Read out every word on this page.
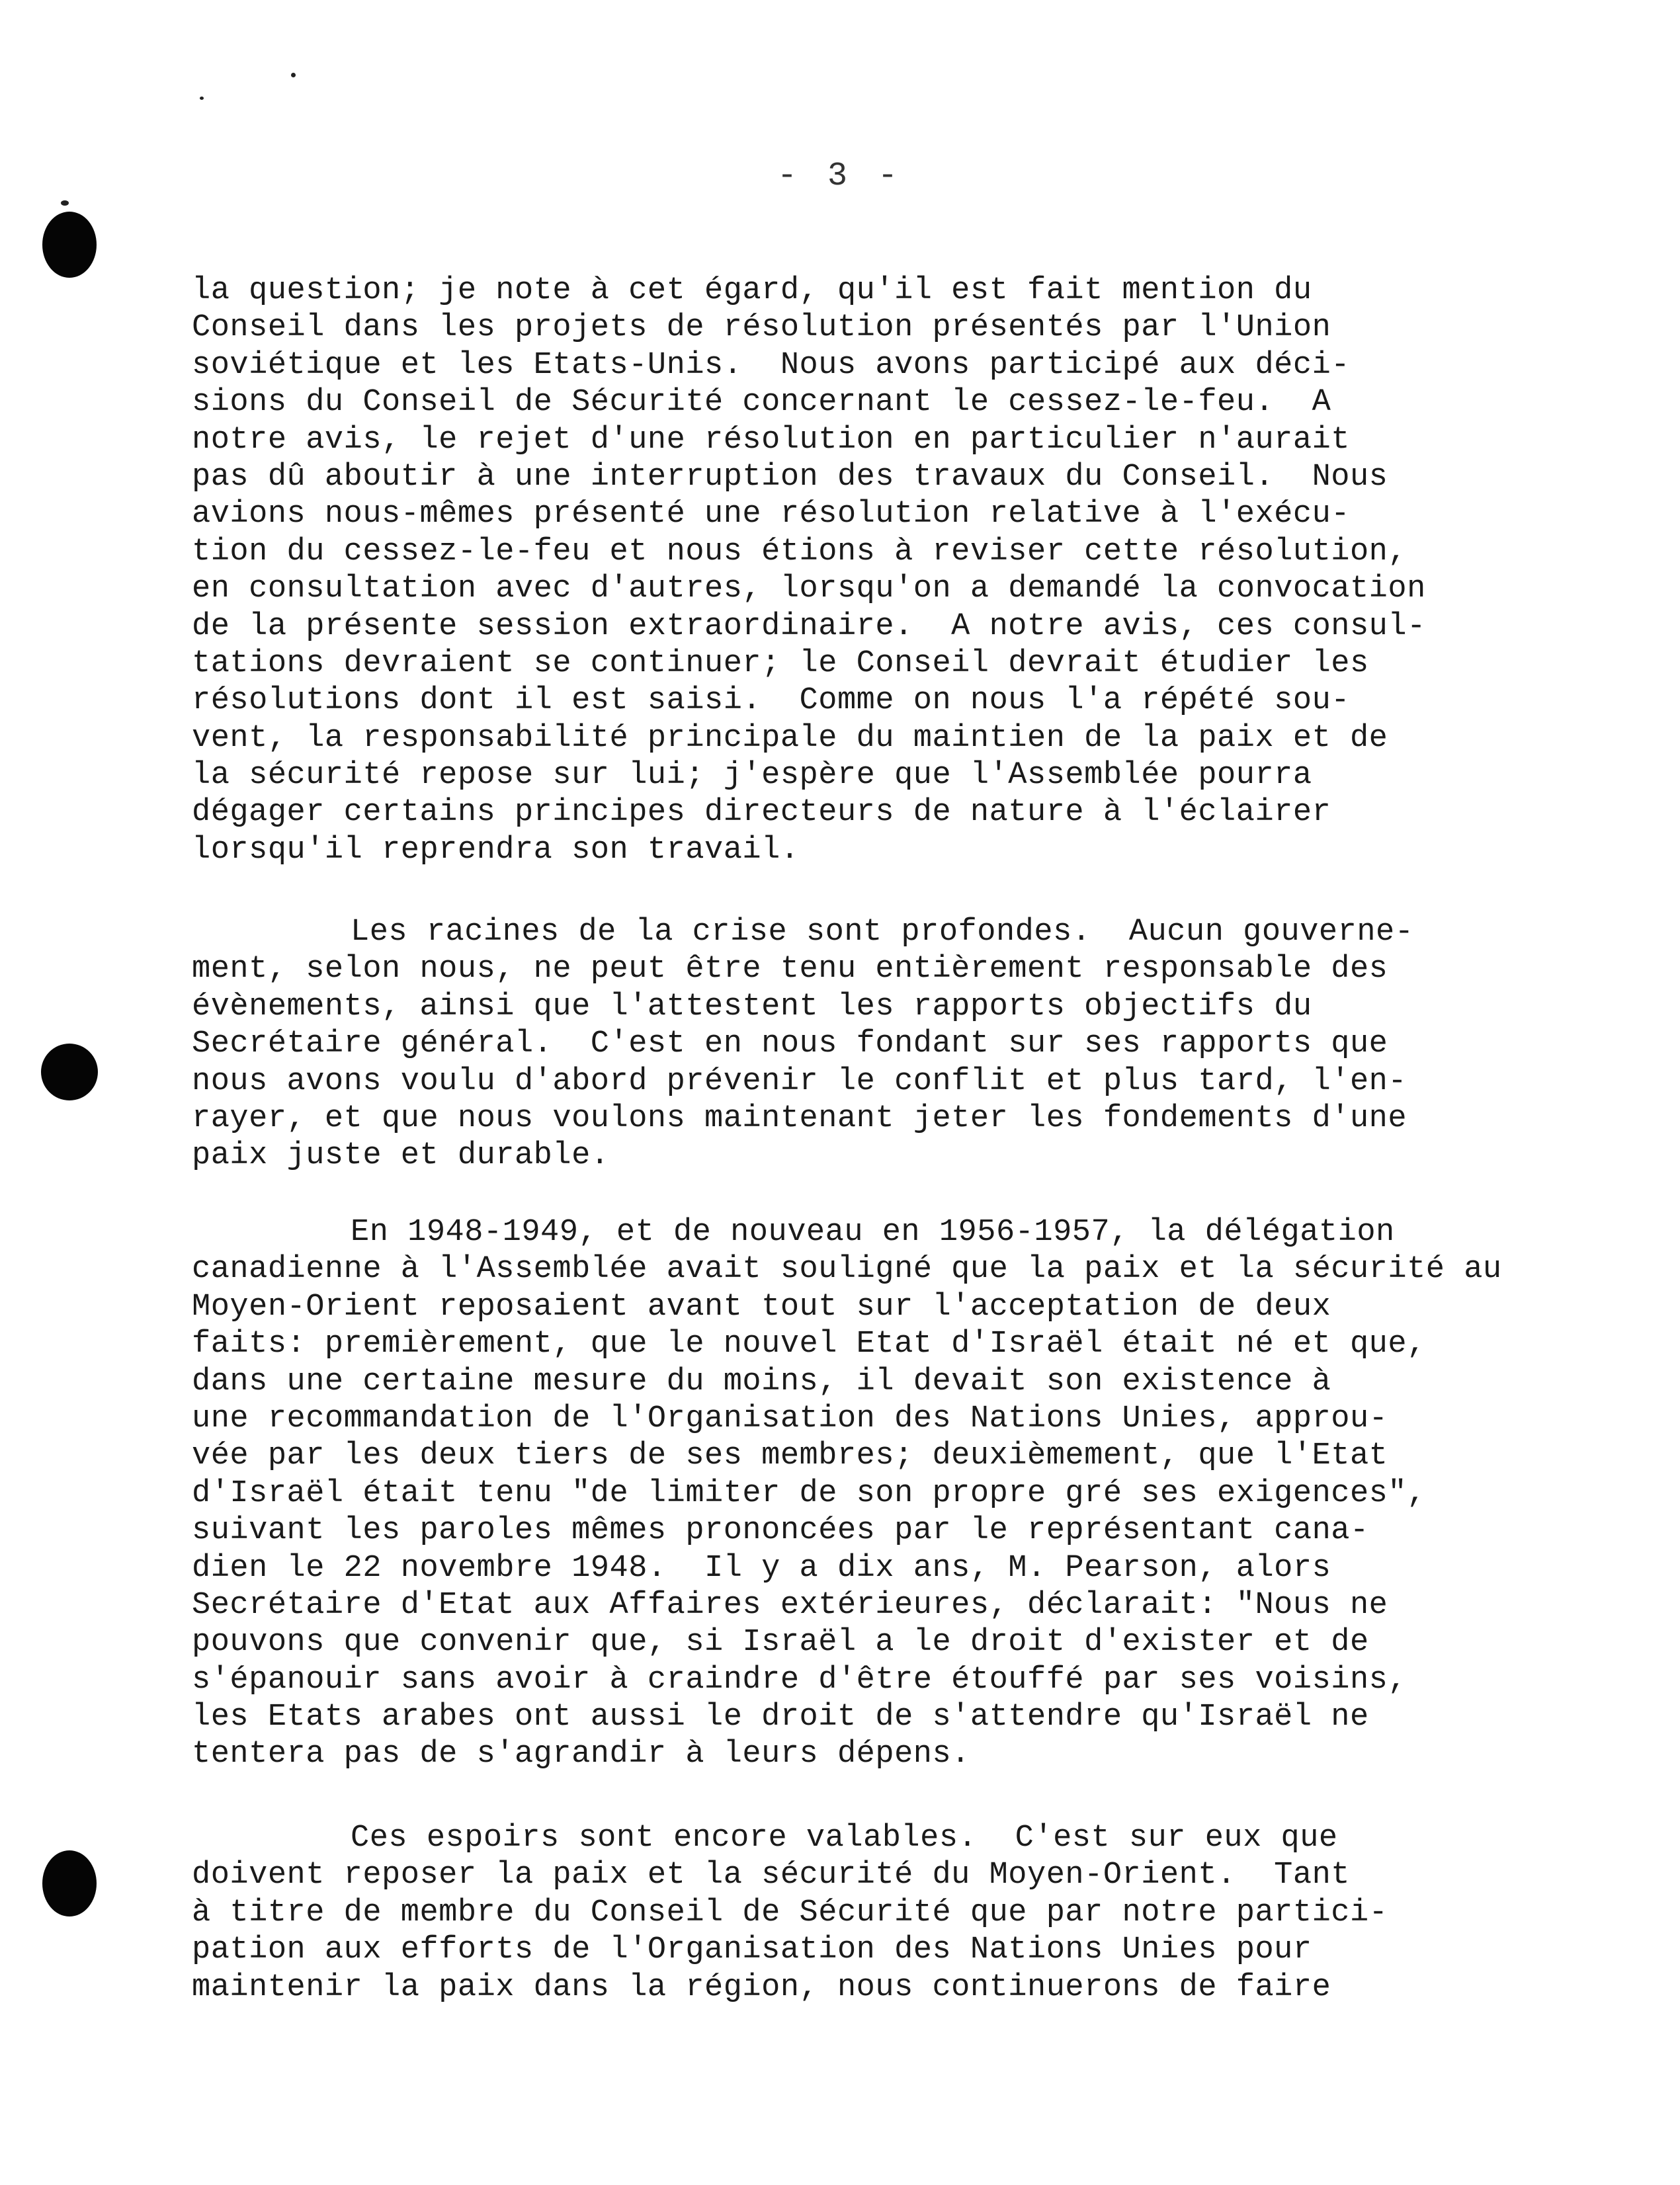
- 3 -
la question; je note à cet égard, qu'il est fait mention du
Conseil dans les projets de résolution présentés par l'Union
soviétique et les Etats-Unis.  Nous avons participé aux déci-
sions du Conseil de Sécurité concernant le cessez-le-feu.  A
notre avis, le rejet d'une résolution en particulier n'aurait
pas dû aboutir à une interruption des travaux du Conseil.  Nous
avions nous-mêmes présenté une résolution relative à l'exécu-
tion du cessez-le-feu et nous étions à reviser cette résolution,
en consultation avec d'autres, lorsqu'on a demandé la convocation
de la présente session extraordinaire.  A notre avis, ces consul-
tations devraient se continuer; le Conseil devrait étudier les
résolutions dont il est saisi.  Comme on nous l'a répété sou-
vent, la responsabilité principale du maintien de la paix et de
la sécurité repose sur lui; j'espère que l'Assemblée pourra
dégager certains principes directeurs de nature à l'éclairer
lorsqu'il reprendra son travail.
Les racines de la crise sont profondes.  Aucun gouverne-
ment, selon nous, ne peut être tenu entièrement responsable des
évènements, ainsi que l'attestent les rapports objectifs du
Secrétaire général.  C'est en nous fondant sur ses rapports que
nous avons voulu d'abord prévenir le conflit et plus tard, l'en-
rayer, et que nous voulons maintenant jeter les fondements d'une
paix juste et durable.
En 1948-1949, et de nouveau en 1956-1957, la délégation
canadienne à l'Assemblée avait souligné que la paix et la sécurité au
Moyen-Orient reposaient avant tout sur l'acceptation de deux
faits: premièrement, que le nouvel Etat d'Israël était né et que,
dans une certaine mesure du moins, il devait son existence à
une recommandation de l'Organisation des Nations Unies, approu-
vée par les deux tiers de ses membres; deuxièmement, que l'Etat
d'Israël était tenu "de limiter de son propre gré ses exigences",
suivant les paroles mêmes prononcées par le représentant cana-
dien le 22 novembre 1948.  Il y a dix ans, M. Pearson, alors
Secrétaire d'Etat aux Affaires extérieures, déclarait: "Nous ne
pouvons que convenir que, si Israël a le droit d'exister et de
s'épanouir sans avoir à craindre d'être étouffé par ses voisins,
les Etats arabes ont aussi le droit de s'attendre qu'Israël ne
tentera pas de s'agrandir à leurs dépens.
Ces espoirs sont encore valables.  C'est sur eux que
doivent reposer la paix et la sécurité du Moyen-Orient.  Tant
à titre de membre du Conseil de Sécurité que par notre partici-
pation aux efforts de l'Organisation des Nations Unies pour
maintenir la paix dans la région, nous continuerons de faire
